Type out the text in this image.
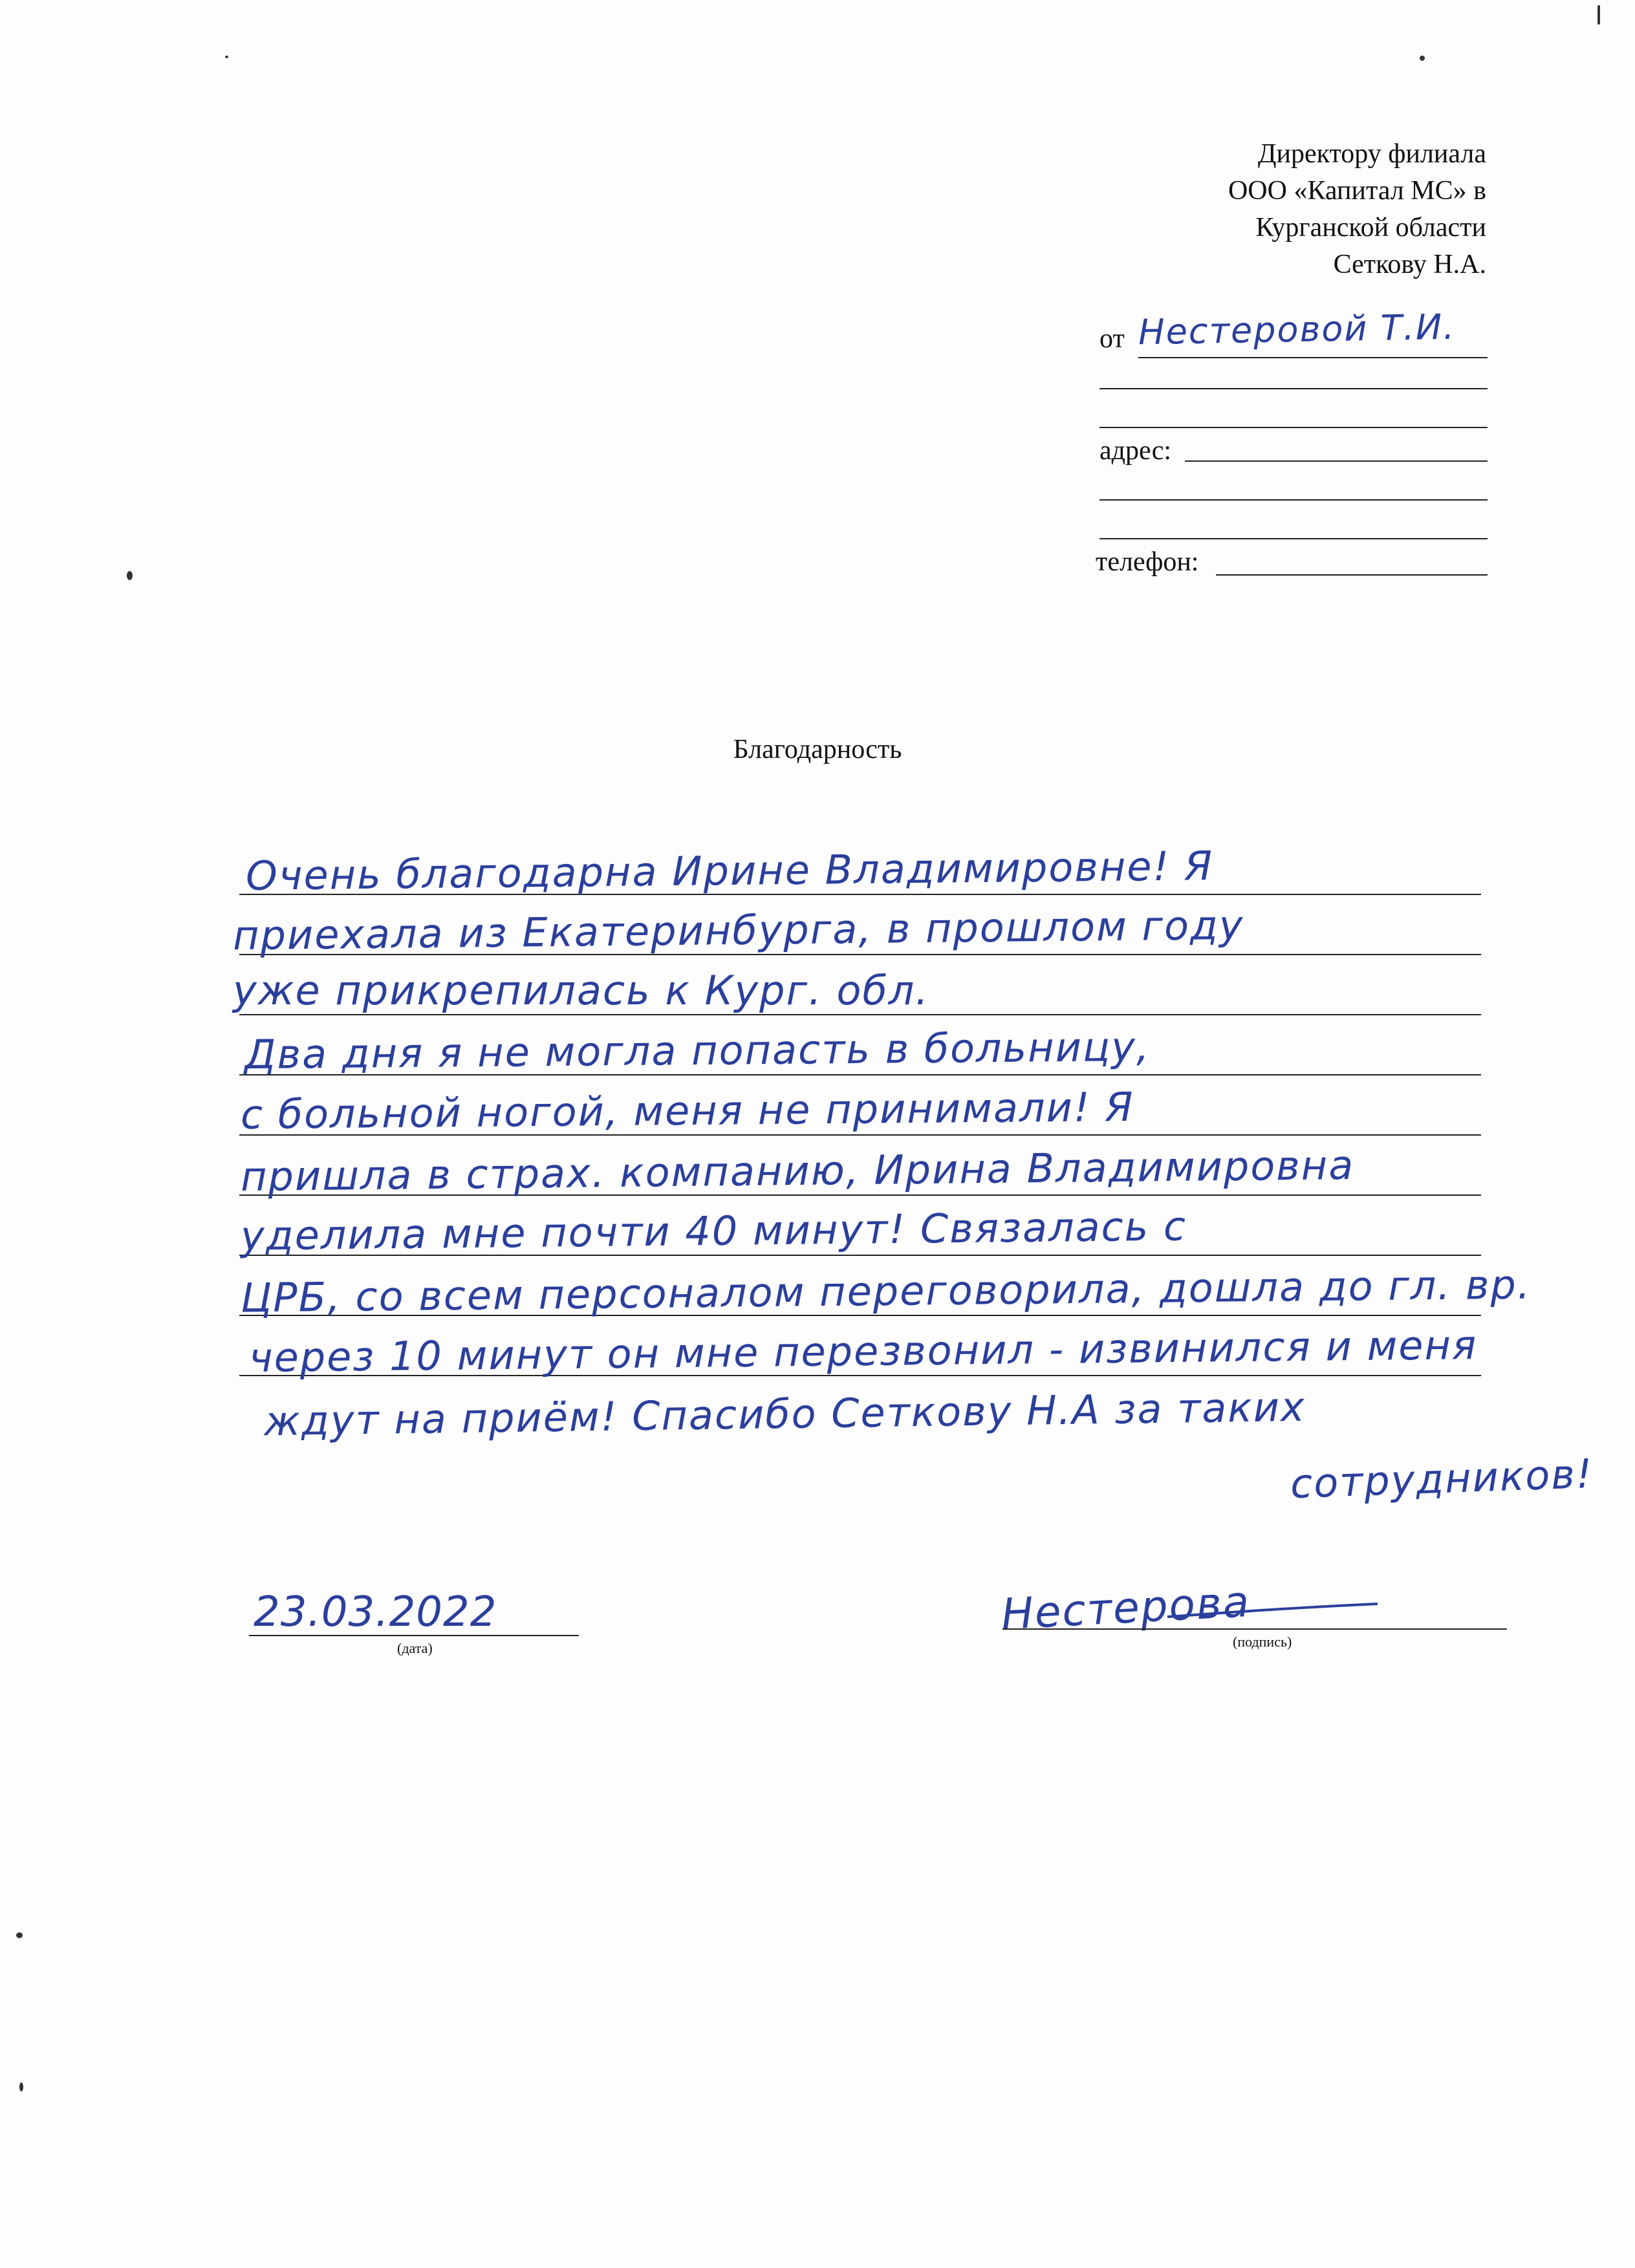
Директору филиала
ООО «Капитал МС» в
Курганской области
Сеткову Н.А.
от Нестеровой Т.И.
адрес:
телефон:
Благодарность
Очень благодарна Ирине Владимировне! Я
приехала из Екатеринбурга, в прошлом году
уже прикрепилась к Кург. обл.
Два дня я не могла попасть в больницу,
с больной ногой, меня не принимали! Я
пришла в страх. компанию, Ирина Владимировна
уделила мне почти 40 минут! Связалась с
ЦРБ, со всем персоналом переговорила, дошла до гл. вр.
через 10 минут он мне перезвонил - извинился и меня
ждут на приём! Спасибо Сеткову Н.А за таких
сотрудников!
23.03.2022
(дата)
Нестерова
(подпись)
